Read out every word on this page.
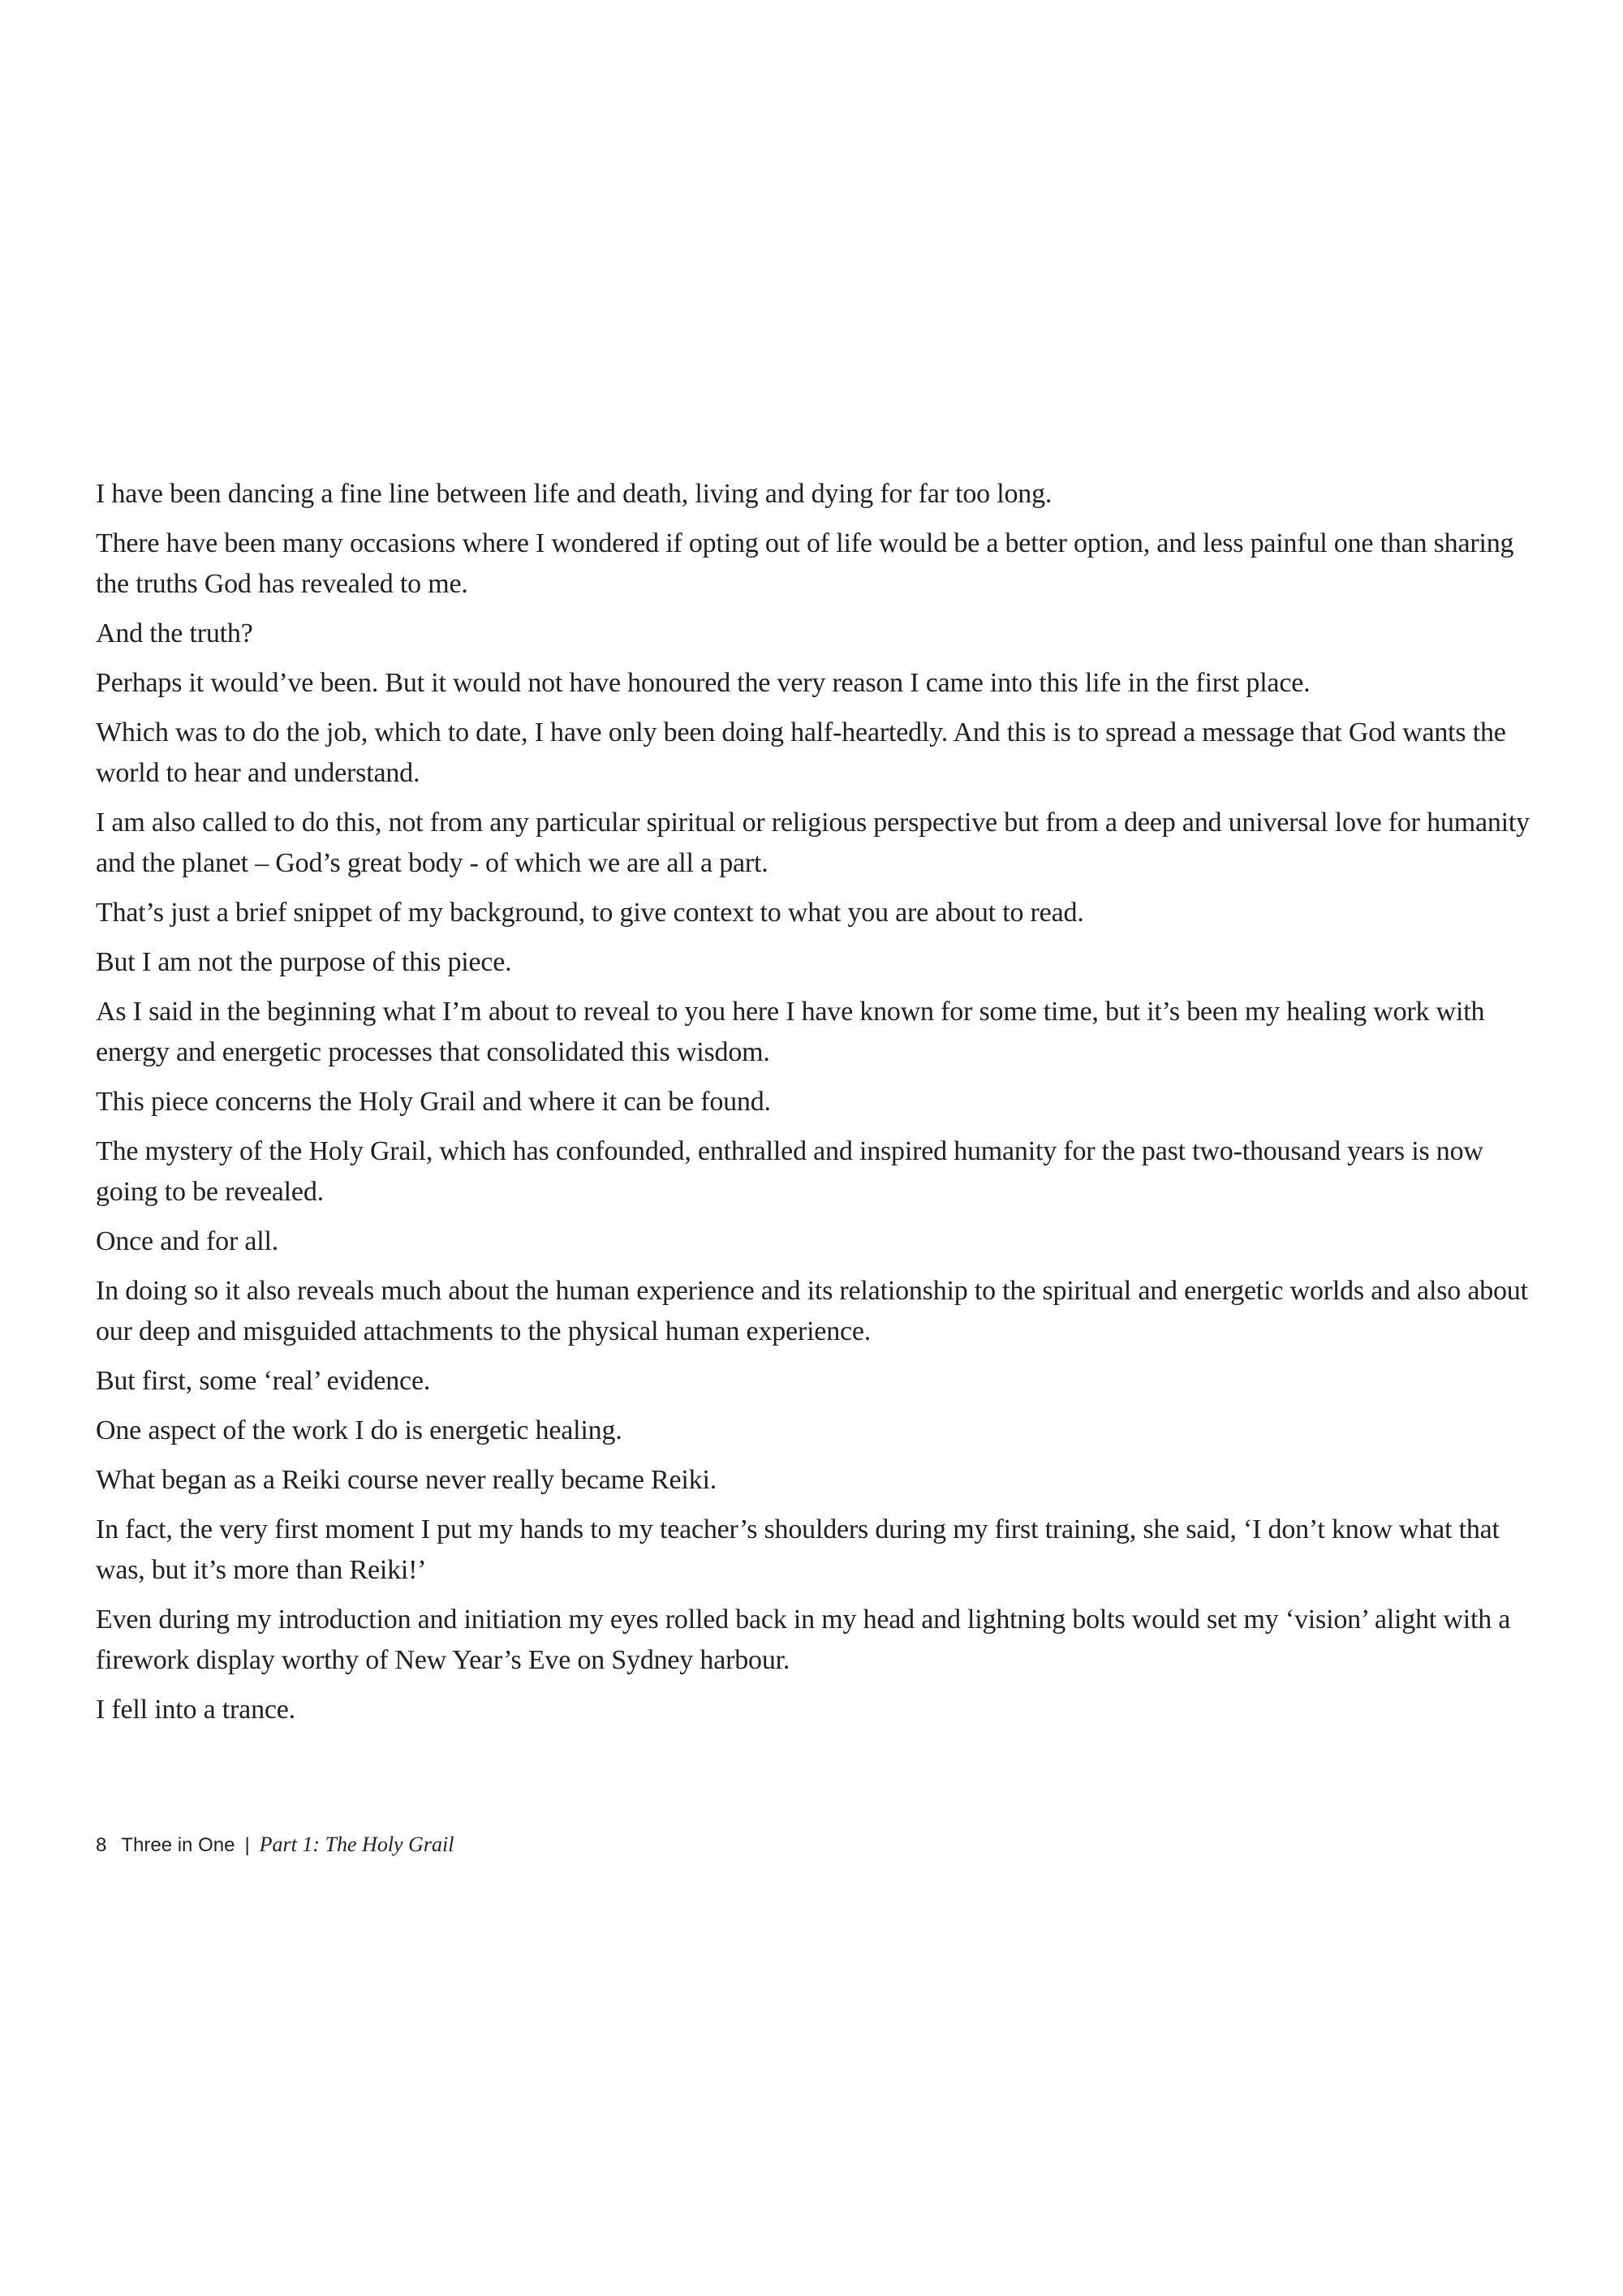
I have been dancing a fine line between life and death, living and dying for far too long.

There have been many occasions where I wondered if opting out of life would be a better option, and less painful one than sharing the truths God has revealed to me.

And the truth?

Perhaps it would’ve been. But it would not have honoured the very reason I came into this life in the first place.

Which was to do the job, which to date, I have only been doing half-heartedly. And this is to spread a message that God wants the world to hear and understand.

I am also called to do this, not from any particular spiritual or religious perspective but from a deep and universal love for humanity and the planet – God’s great body - of which we are all a part.

That’s just a brief snippet of my background, to give context to what you are about to read.

But I am not the purpose of this piece.

As I said in the beginning what I’m about to reveal to you here I have known for some time, but it’s been my healing work with energy and energetic processes that consolidated this wisdom.

This piece concerns the Holy Grail and where it can be found.

The mystery of the Holy Grail, which has confounded, enthralled and inspired humanity for the past two-thousand years is now going to be revealed.

Once and for all.

In doing so it also reveals much about the human experience and its relationship to the spiritual and energetic worlds and also about our deep and misguided attachments to the physical human experience.

But first, some ‘real’ evidence.

One aspect of the work I do is energetic healing.

What began as a Reiki course never really became Reiki.

In fact, the very first moment I put my hands to my teacher’s shoulders during my first training, she said, ‘I don’t know what that was, but it’s more than Reiki!’

Even during my introduction and initiation my eyes rolled back in my head and lightning bolts would set my ‘vision’ alight with a firework display worthy of New Year’s Eve on Sydney harbour.

I fell into a trance.

8 Three in One | Part 1: The Holy Grail
